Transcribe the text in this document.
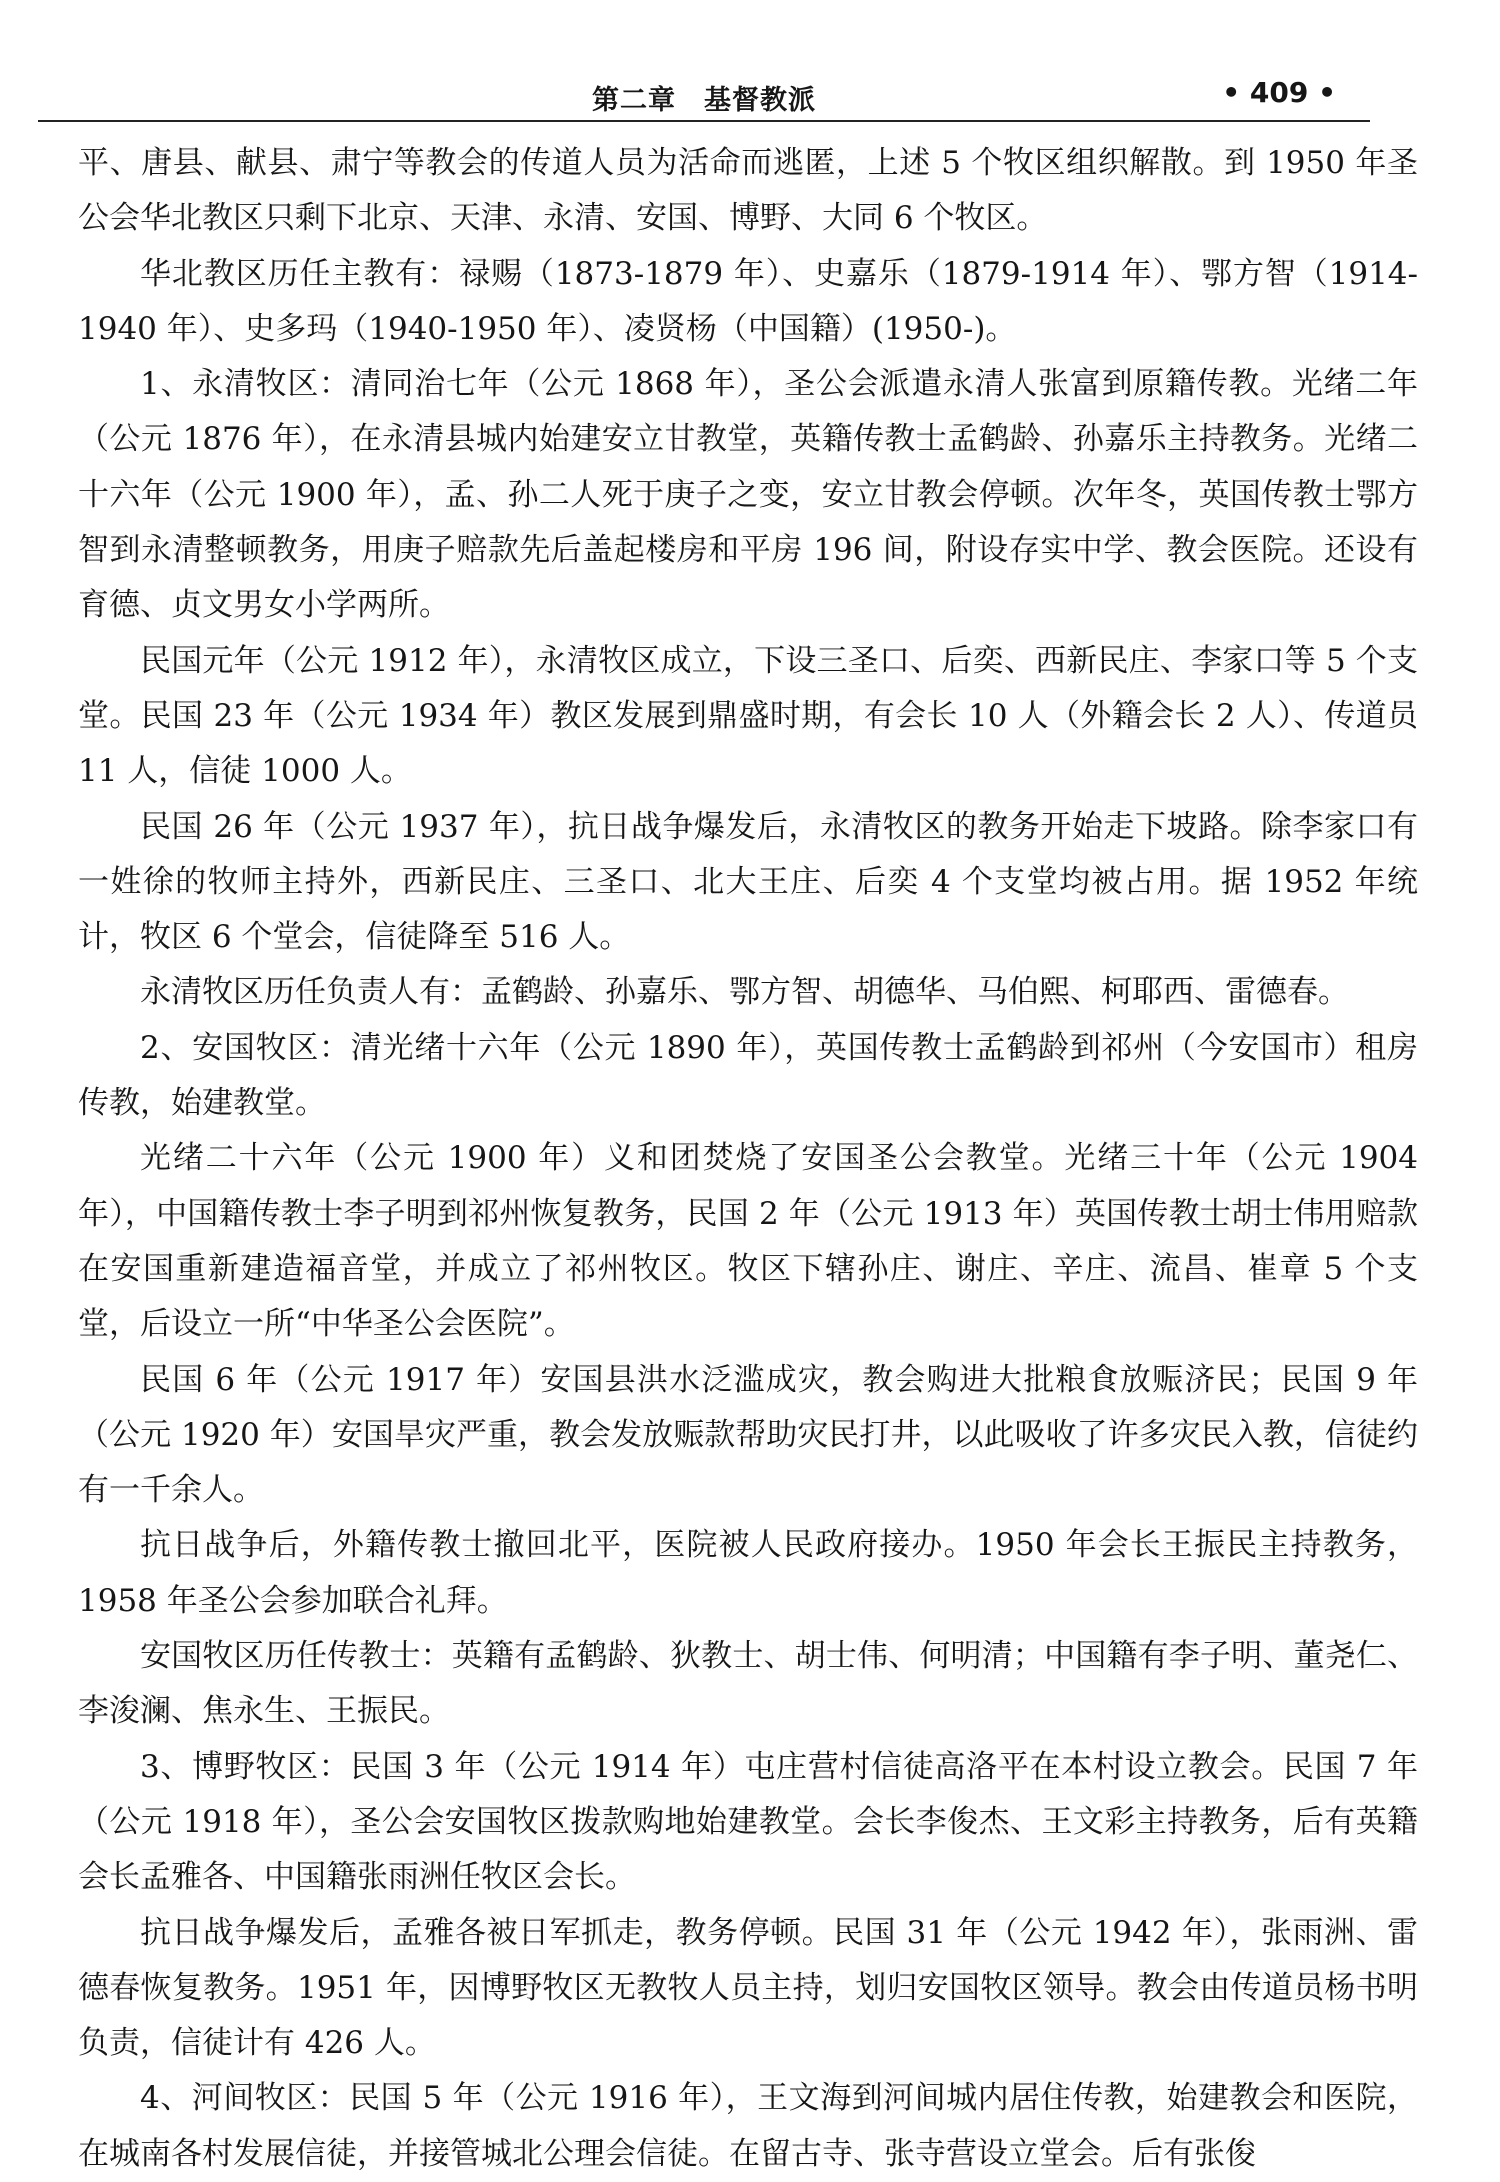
第二章　基督教派	• 409 •

平、唐县、献县、肃宁等教会的传道人员为活命而逃匿，上述 5 个牧区组织解散。到 1950 年圣公会华北教区只剩下北京、天津、永清、安国、博野、大同 6 个牧区。

华北教区历任主教有：禄赐（1873-1879 年）、史嘉乐（1879-1914 年）、鄂方智（1914-1940 年）、史多玛（1940-1950 年）、凌贤杨（中国籍）(1950-)。

1、永清牧区：清同治七年（公元 1868 年），圣公会派遣永清人张富到原籍传教。光绪二年（公元 1876 年），在永清县城内始建安立甘教堂，英籍传教士孟鹤龄、孙嘉乐主持教务。光绪二十六年（公元 1900 年），孟、孙二人死于庚子之变，安立甘教会停顿。次年冬，英国传教士鄂方智到永清整顿教务，用庚子赔款先后盖起楼房和平房 196 间，附设存实中学、教会医院。还设有育德、贞文男女小学两所。

民国元年（公元 1912 年），永清牧区成立，下设三圣口、后奕、西新民庄、李家口等 5 个支堂。民国 23 年（公元 1934 年）教区发展到鼎盛时期，有会长 10 人（外籍会长 2 人）、传道员 11 人，信徒 1000 人。

民国 26 年（公元 1937 年），抗日战争爆发后，永清牧区的教务开始走下坡路。除李家口有一姓徐的牧师主持外，西新民庄、三圣口、北大王庄、后奕 4 个支堂均被占用。据 1952 年统计，牧区 6 个堂会，信徒降至 516 人。

永清牧区历任负责人有：孟鹤龄、孙嘉乐、鄂方智、胡德华、马伯熙、柯耶西、雷德春。

2、安国牧区：清光绪十六年（公元 1890 年），英国传教士孟鹤龄到祁州（今安国市）租房传教，始建教堂。

光绪二十六年（公元 1900 年）义和团焚烧了安国圣公会教堂。光绪三十年（公元 1904 年），中国籍传教士李子明到祁州恢复教务，民国 2 年（公元 1913 年）英国传教士胡士伟用赔款在安国重新建造福音堂，并成立了祁州牧区。牧区下辖孙庄、谢庄、辛庄、流昌、崔章 5 个支堂，后设立一所“中华圣公会医院”。

民国 6 年（公元 1917 年）安国县洪水泛滥成灾，教会购进大批粮食放赈济民；民国 9 年（公元 1920 年）安国旱灾严重，教会发放赈款帮助灾民打井，以此吸收了许多灾民入教，信徒约有一千余人。

抗日战争后，外籍传教士撤回北平，医院被人民政府接办。1950 年会长王振民主持教务，1958 年圣公会参加联合礼拜。

安国牧区历任传教士：英籍有孟鹤龄、狄教士、胡士伟、何明清；中国籍有李子明、董尧仁、李浚澜、焦永生、王振民。

3、博野牧区：民国 3 年（公元 1914 年）屯庄营村信徒高洛平在本村设立教会。民国 7 年（公元 1918 年），圣公会安国牧区拨款购地始建教堂。会长李俊杰、王文彩主持教务，后有英籍会长孟雅各、中国籍张雨洲任牧区会长。

抗日战争爆发后，孟雅各被日军抓走，教务停顿。民国 31 年（公元 1942 年），张雨洲、雷德春恢复教务。1951 年，因博野牧区无教牧人员主持，划归安国牧区领导。教会由传道员杨书明负责，信徒计有 426 人。

4、河间牧区：民国 5 年（公元 1916 年），王文海到河间城内居住传教，始建教会和医院，在城南各村发展信徒，并接管城北公理会信徒。在留古寺、张寺营设立堂会。后有张俊
